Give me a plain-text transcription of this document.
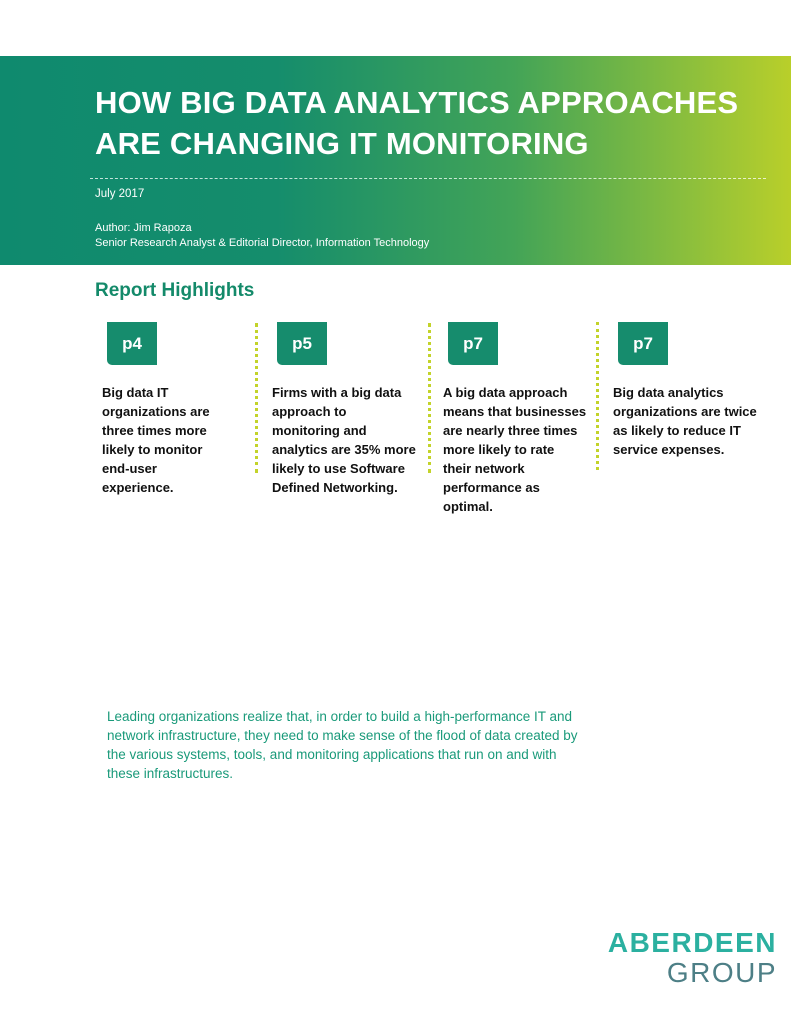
HOW BIG DATA ANALYTICS APPROACHES
ARE CHANGING IT MONITORING
July 2017
Author: Jim Rapoza
Senior Research Analyst & Editorial Director, Information Technology
Report Highlights
p4

Big data IT
organizations are
three times more
likely to monitor
end-user
experience.

p5

Firms with a big data
approach to
monitoring and
analytics are 35% more
likely to use Software
Defined Networking.

p7

A big data approach
means that businesses
are nearly three times
more likely to rate
their network
performance as
optimal.

p7

Big data analytics
organizations are twice
as likely to reduce IT
service expenses.

Leading organizations realize that, in order to build a high-performance IT and
network infrastructure, they need to make sense of the flood of data created by
the various systems, tools, and monitoring applications that run on and with
these infrastructures.

ABERDEEN
GROUP
